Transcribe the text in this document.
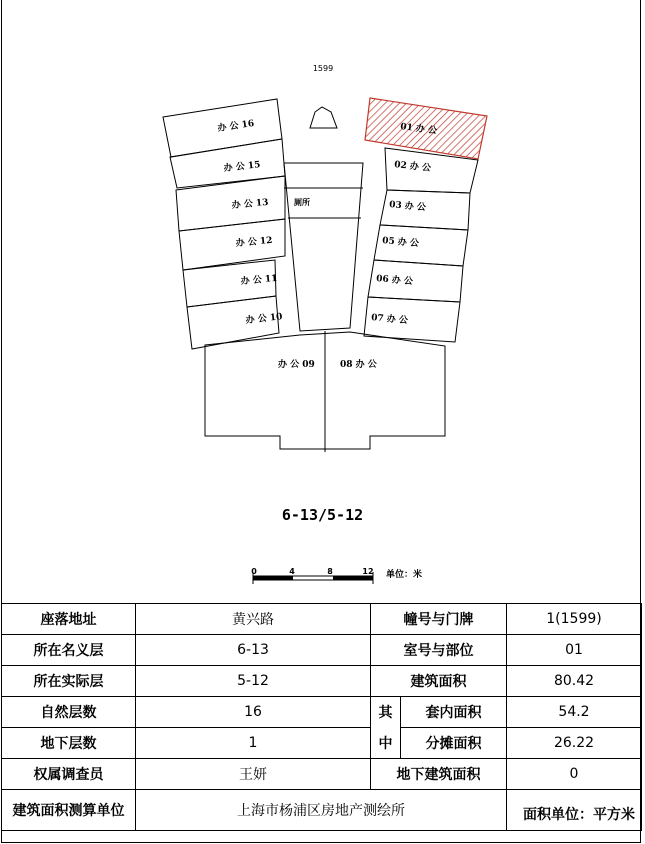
1599
办 公 16
办 公 15
办 公 13
办 公 12
办 公 11
办 公 10
办 公 09
01 办 公
02 办 公
03 办 公
05 办 公
06 办 公
07 办 公
08 办 公
厕所
0	4	8	12 单位：米
6-13/5-12
座落地址	黄兴路	幢号与门牌		1(1599)
所在名义层	6-13	室号与部位		01
所在实际层	5-12	建筑面积		80.42
自然层数	16	其	套内面积	54.2
地下层数	1	中	分摊面积	26.22
权属调查员	王妍	地下建筑面积		0
建筑面积测算单位	上海市杨浦区房地产测绘所			面积单位：平方米
